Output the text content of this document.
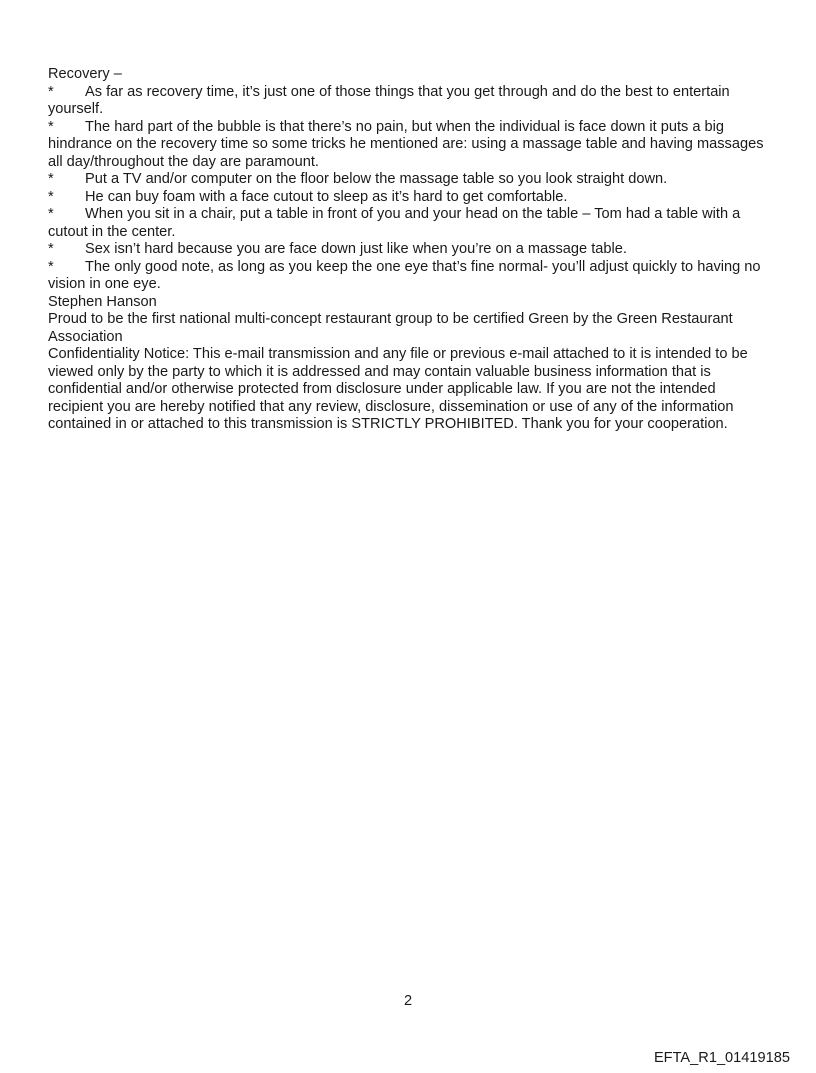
Recovery –

* As far as recovery time, it’s just one of those things that you get through and do the best to entertain yourself.

* The hard part of the bubble is that there’s no pain, but when the individual is face down it puts a big hindrance on the recovery time so some tricks he mentioned are: using a massage table and having massages all day/throughout the day are paramount.

* Put a TV and/or computer on the floor below the massage table so you look straight down.

* He can buy foam with a face cutout to sleep as it’s hard to get comfortable.

* When you sit in a chair, put a table in front of you and your head on the table – Tom had a table with a cutout in the center.

* Sex isn’t hard because you are face down just like when you’re on a massage table.

* The only good note, as long as you keep the one eye that’s fine normal- you’ll adjust quickly to having no vision in one eye.

Stephen Hanson

Proud to be the first national multi-concept restaurant group to be certified Green by the Green Restaurant Association

Confidentiality Notice: This e-mail transmission and any file or previous e-mail attached to it is intended to be viewed only by the party to which it is addressed and may contain valuable business information that is confidential and/or otherwise protected from disclosure under applicable law. If you are not the intended recipient you are hereby notified that any review, disclosure, dissemination or use of any of the information contained in or attached to this transmission is STRICTLY PROHIBITED. Thank you for your cooperation.

2
EFTA_R1_01419185
